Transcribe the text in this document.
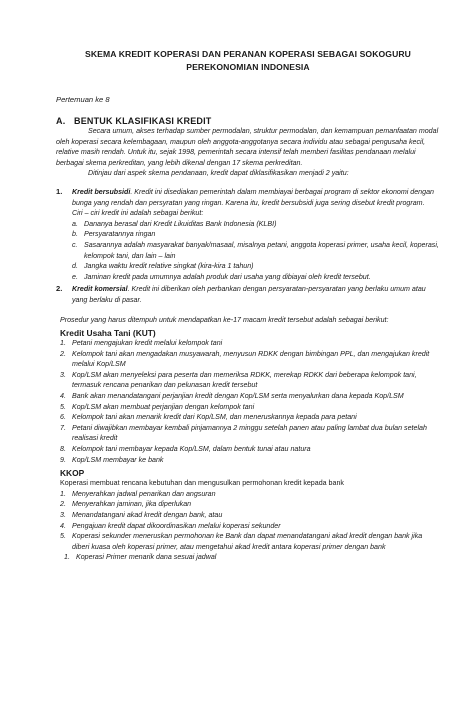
SKEMA KREDIT KOPERASI DAN PERANAN KOPERASI SEBAGAI SOKOGURU
PEREKONOMIAN INDONESIA
Pertemuan ke 8
A. BENTUK KLASIFIKASI KREDIT

Secara umum, akses terhadap sumber permodalan, struktur permodalan, dan kemampuan pemanfaatan modal oleh koperasi secara kelembagaan, maupun oleh anggota-anggotanya secara individu atau sebagai pengusaha kecil, relative masih rendah. Untuk itu, sejak 1998, pemerintah secara intensif telah memberi fasilitas pendanaan melalui berbagai skema perkreditan, yang lebih dikenal dengan 17 skema perkreditan.

Ditinjau dari aspek skema pendanaan, kredit dapat diklasifikasikan menjadi 2 yaitu:

1.	Kredit bersubsidi. Kredit ini disediakan pemerintah dalam membiayai berbagai program di sektor ekonomi dengan bunga yang rendah dan persyratan yang ringan. Karena itu, kredit bersubsidi juga sering disebut kredit program.

Ciri – ciri kredit ini adalah sebagai berikut:

a. Dananya berasal dari Kredit Likuiditas Bank Indonesia (KLBI)
b. Persyaratannya ringan
c. Sasarannya adalah masyarakat banyak/masaal, misalnya petani, anggota koperasi primer, usaha kecil, koperasi, kelompok tani, dan lain – lain
d. Jangka waktu kredit relative singkat (kira-kira 1 tahun)
e. Jaminan kredit pada umumnya adalah produk dari usaha yang dibiayai oleh kredit tersebut.
2.	Kredit komersial. Kredit ini diberikan oleh perbankan dengan persyaratan-persyaratan yang berlaku umum atau yang berlaku di pasar.

Prosedur yang harus ditempuh untuk mendapatkan ke-17 macam kredit tersebut adalah sebagai berikut:

Kredit Usaha Tani (KUT)
1. Petani mengajukan kredit melalui kelompok tani
2. Kelompok tani akan mengadakan musyawarah, menyusun RDKK dengan bimbingan PPL, dan mengajukan kredit melalui Kop/LSM
3. Kop/LSM akan menyeleksi para peserta dan memeriksa RDKK, merekap RDKK dari beberapa kelompok tani, termasuk rencana penarikan dan pelunasan kredit tersebut
4. Bank akan menandatangani perjanjian kredit dengan Kop/LSM serta menyalurkan dana kepada Kop/LSM
5. Kop/LSM akan membuat perjanjian dengan kelompok tani
6. Kelompok tani akan menarik kredit dari Kop/LSM, dan meneruskannya kepada para petani
7. Petani diwajibkan membayar kembali pinjamannya 2 minggu setelah panen atau paling lambat dua bulan setelah realisasi kredit
8. Kelompok tani membayar kepada Kop/LSM, dalam bentuk tunai atau natura
9. Kop/LSM membayar ke bank
KKOP

Koperasi membuat rencana kebutuhan dan mengusulkan permohonan kredit kepada bank

1. Menyerahkan jadwal penarikan dan angsuran
2. Menyerahkan jaminan, jika diperlukan
3. Menandatangani akad kredit dengan bank, atau
4. Pengajuan kredit dapat dikoordinasikan melalui koperasi sekunder
5. Koperasi sekunder meneruskan permohonan ke Bank dan dapat menandatangani akad kredit dengan bank jika diberi kuasa oleh koperasi primer, atau mengetahui akad kredit antara koperasi primer dengan bank
1. Koperasi Primer menarik dana sesuai jadwal
